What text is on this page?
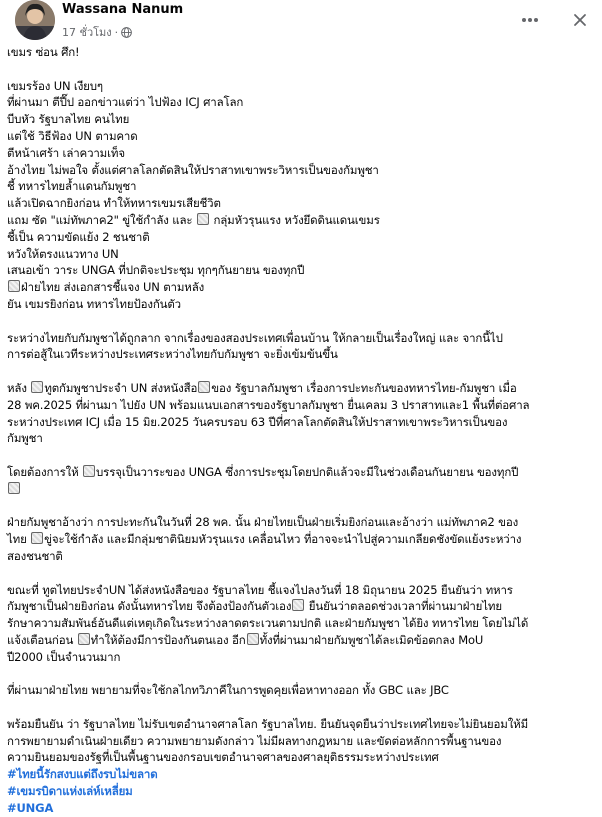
Wassana Nanum
17 ชั่วโมง ·

เขมร ซ่อน ศึก!

เขมรร้อง UN เงียบๆ

ที่ผ่านมา ตีปี๊ป ออกข่าวแต่ว่า ไปฟ้อง ICJ ศาลโลก

บีบหัว รัฐบาลไทย คนไทย

แต่ใช้ วิธีฟ้อง UN ตามคาด

ตีหน้าเศร้า เล่าความเท็จ

อ้างไทย ไม่พอใจ ตั้งแต่ศาลโลกตัดสินให้ปราสาทเขาพระวิหารเป็นของกัมพูชา

ชี้ ทหารไทยล้ำแดนกัมพูชา

แล้วเปิดฉากยิงก่อน ทำให้ทหารเขมรเสียชีวิต

แถม ซัด "แม่ทัพภาค2" ขู่ใช้กำลัง และ  กลุ่มหัวรุนแรง หวังยึดดินแดนเขมร

ชี้เป็น ความขัดแย้ง 2 ชนชาติ

หวังให้ตรงแนวทาง UN

เสนอเข้า วาระ UNGA ที่ปกติจะประชุม ทุกๆกันยายน ของทุกปี

ฝ่ายไทย ส่งเอกสารชี้แจง UN ตามหลัง

ยัน เขมรยิงก่อน ทหารไทยป้องกันตัว

ระหว่างไทยกับกัมพูชาได้ถูกลาก จากเรื่องของสองประเทศเพื่อนบ้าน ให้กลายเป็นเรื่องใหญ่ และ จากนี้ไป

การต่อสู้ในเวทีระหว่างประเทศระหว่างไทยกับกัมพูชา จะยิ่งเข้มข้นขึ้น

หลัง ทูตกัมพูชาประจำ UN ส่งหนังสือ ของ รัฐบาลกัมพูชา เรื่องการปะทะกันของทหารไทย-กัมพูชา เมื่อ

28 พค.2025 ที่ผ่านมา ไปยัง UN พร้อมแนบเอกสารของรัฐบาลกัมพูชา ยื่นเคลม 3 ปราสาทและ1 พื้นที่ต่อศาล

ระหว่างประเทศ ICJ เมื่อ 15 มิย.2025 วันครบรอบ 63 ปีที่ศาลโลกตัดสินให้ปราสาทเขาพระวิหารเป็นของ

กัมพูชา

โดยต้องการให้ บรรจุเป็นวาระของ UNGA ซึ่งการประชุมโดยปกติแล้วจะมีในช่วงเดือนกันยายน ของทุกปี

ฝ่ายกัมพูชาอ้างว่า การปะทะกันในวันที่ 28 พค. นั้น ฝ่ายไทยเป็นฝ่ายเริ่มยิงก่อนและอ้างว่า แม่ทัพภาค2 ของ

ไทย ขู่จะใช้กำลัง และมีกลุ่มชาตินิยมหัวรุนแรง เคลื่อนไหว ที่อาจจะนำไปสู่ความเกลียดชังขัดแย้งระหว่าง

สองชนชาติ

ขณะที่ ทูตไทยประจำUN ได้ส่งหนังสือของ รัฐบาลไทย ชี้แจงไปลงวันที่ 18 มิถุนายน 2025 ยืนยันว่า ทหาร

กัมพูชาเป็นฝ่ายยิงก่อน ดังนั้นทหารไทย จึงต้องป้องกันตัวเอง ยืนยันว่าตลอดช่วงเวลาที่ผ่านมาฝ่ายไทย

รักษาความสัมพันธ์อันดีแต่เหตุเกิดในระหว่างลาดตระเวนตามปกติ และฝ่ายกัมพูชา ได้ยิง ทหารไทย โดยไม่ได้

แจ้งเตือนก่อน ทำให้ต้องมีการป้องกันตนเอง อีก ทั้งที่ผ่านมาฝ่ายกัมพูชาได้ละเมิดข้อตกลง MoU

ปี2000 เป็นจำนวนมาก

ที่ผ่านมาฝ่ายไทย พยายามที่จะใช้กลไกทวิภาคีในการพูดคุยเพื่อหาทางออก ทั้ง GBC และ JBC

พร้อมยืนยัน ว่า รัฐบาลไทย ไม่รับเขตอำนาจศาลโลก รัฐบาลไทย. ยืนยันจุดยืนว่าประเทศไทยจะไม่ยินยอมให้มี

การพยายามดำเนินฝ่ายเดียว ความพยายามดังกล่าว ไม่มีผลทางกฎหมาย และขัดต่อหลักการพื้นฐานของ

ความยินยอมของรัฐที่เป็นพื้นฐานของกรอบเขตอำนาจศาลของศาลยุติธรรมระหว่างประเทศ

#ไทยนี้รักสงบแต่ถึงรบไม่ขลาด

#เขมรบิดาแห่งเล่ห์เหลี่ยม

#UNGA
